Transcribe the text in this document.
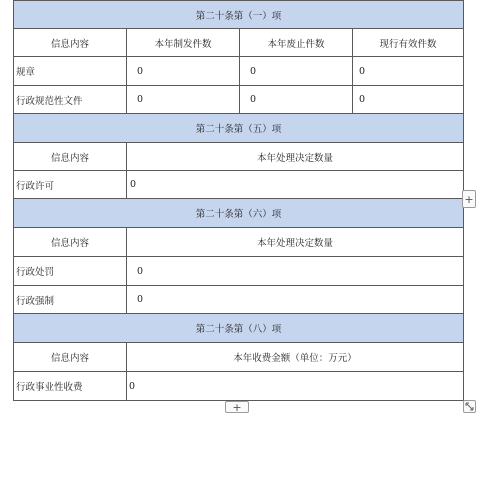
第二十条第（一）项
信息内容	本年制发件数	本年废止件数	现行有效件数
规章	0	0	0
行政规范性文件	0	0	0
第二十条第（五）项
信息内容	本年处理决定数量
行政许可	0
第二十条第（六）项
信息内容	本年处理决定数量
行政处罚	0
行政强制	0
第二十条第（八）项
信息内容	本年收费金额（单位：万元）
行政事业性收费	0
+
+
